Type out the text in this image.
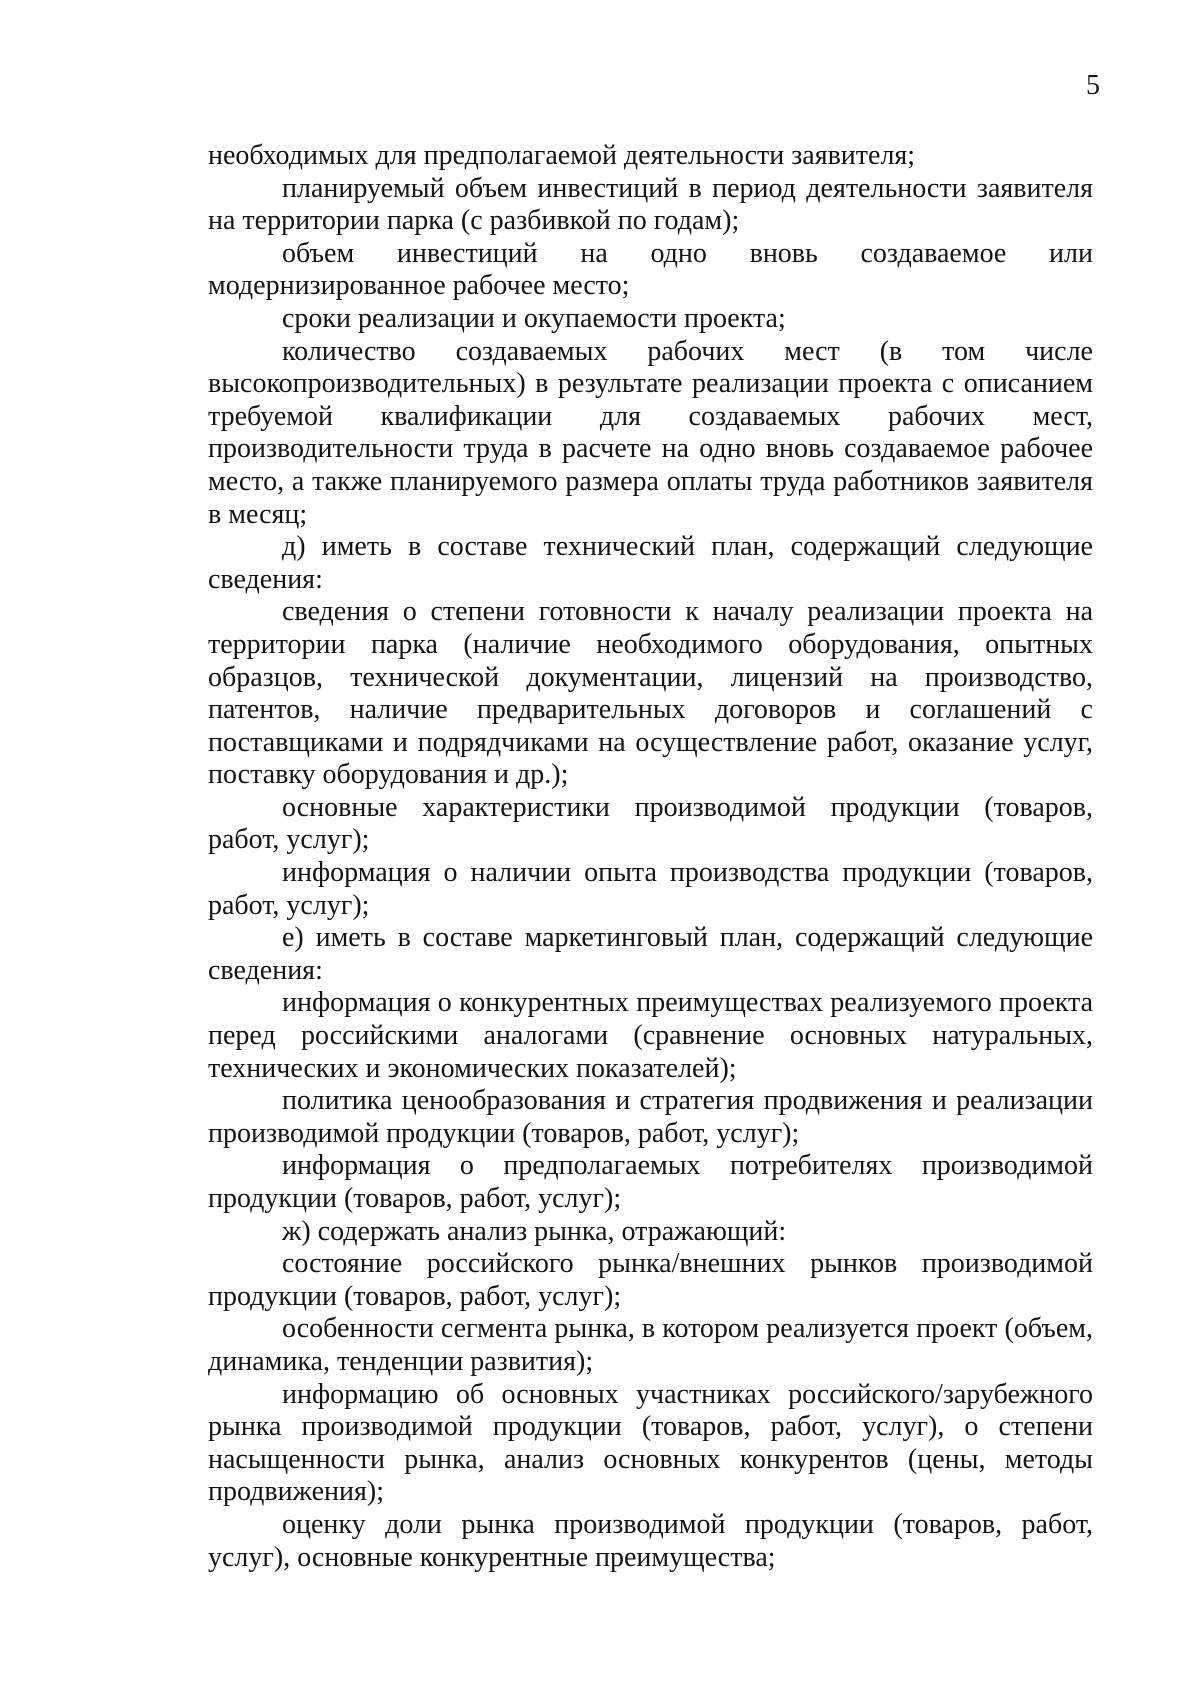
5

необходимых для предполагаемой деятельности заявителя;

планируемый объем инвестиций в период деятельности заявителя на территории парка (с разбивкой по годам);

объем инвестиций на одно вновь создаваемое или модернизированное рабочее место;

сроки реализации и окупаемости проекта;

количество создаваемых рабочих мест (в том числе высокопроизводительных) в результате реализации проекта с описанием требуемой квалификации для создаваемых рабочих мест, производительности труда в расчете на одно вновь создаваемое рабочее место, а также планируемого размера оплаты труда работников заявителя в месяц;

д) иметь в составе технический план, содержащий следующие сведения:

сведения о степени готовности к началу реализации проекта на территории парка (наличие необходимого оборудования, опытных образцов, технической документации, лицензий на производство, патентов, наличие предварительных договоров и соглашений с поставщиками и подрядчиками на осуществление работ, оказание услуг, поставку оборудования и др.);

основные характеристики производимой продукции (товаров, работ, услуг);

информация о наличии опыта производства продукции (товаров, работ, услуг);

е) иметь в составе маркетинговый план, содержащий следующие сведения:

информация о конкурентных преимуществах реализуемого проекта перед российскими аналогами (сравнение основных натуральных, технических и экономических показателей);

политика ценообразования и стратегия продвижения и реализации производимой продукции (товаров, работ, услуг);

информация о предполагаемых потребителях производимой продукции (товаров, работ, услуг);

ж) содержать анализ рынка, отражающий:

состояние российского рынка/внешних рынков производимой продукции (товаров, работ, услуг);

особенности сегмента рынка, в котором реализуется проект (объем, динамика, тенденции развития);

информацию об основных участниках российского/зарубежного рынка производимой продукции (товаров, работ, услуг), о степени насыщенности рынка, анализ основных конкурентов (цены, методы продвижения);

оценку доли рынка производимой продукции (товаров, работ, услуг), основные конкурентные преимущества;
